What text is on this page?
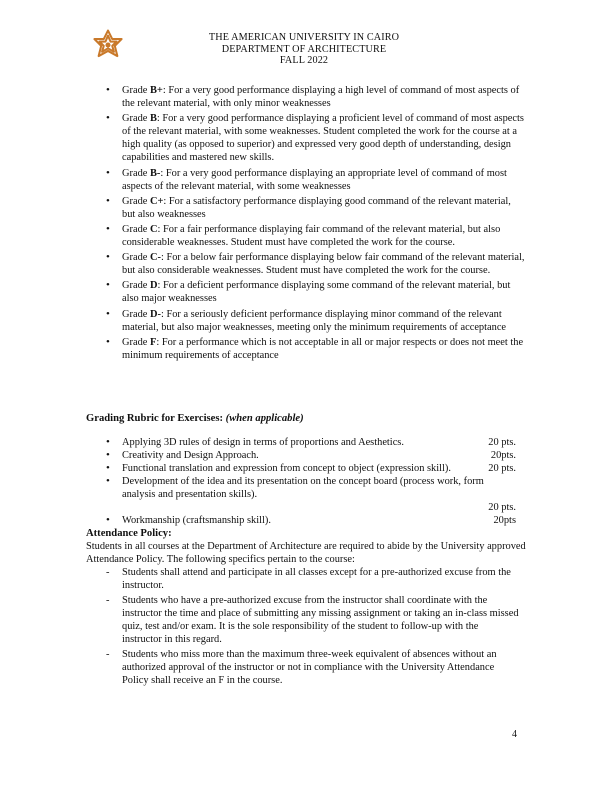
THE AMERICAN UNIVERSITY IN CAIRO
DEPARTMENT OF ARCHITECTURE
FALL 2022
• Grade B+: For a very good performance displaying a high level of command of most aspects of the relevant material, with only minor weaknesses
• Grade B: For a very good performance displaying a proficient level of command of most aspects of the relevant material, with some weaknesses. Student completed the work for the course at a high quality (as opposed to superior) and expressed very good depth of understanding, design capabilities and mastered new skills.
• Grade B-: For a very good performance displaying an appropriate level of command of most aspects of the relevant material, with some weaknesses
• Grade C+: For a satisfactory performance displaying good command of the relevant material, but also weaknesses
• Grade C: For a fair performance displaying fair command of the relevant material, but also considerable weaknesses. Student must have completed the work for the course.
• Grade C-: For a below fair performance displaying below fair command of the relevant material, but also considerable weaknesses. Student must have completed the work for the course.
• Grade D: For a deficient performance displaying some command of the relevant material, but also major weaknesses
• Grade D-: For a seriously deficient performance displaying minor command of the relevant material, but also major weaknesses, meeting only the minimum requirements of acceptance
• Grade F: For a performance which is not acceptable in all or major respects or does not meet the minimum requirements of acceptance
Grading Rubric for Exercises: (when applicable)
• Applying 3D rules of design in terms of proportions and Aesthetics.	20 pts.
• Creativity and Design Approach.	20pts.
• Functional translation and expression from concept to object (expression skill).	20 pts.
• Development of the idea and its presentation on the concept board (process work, form analysis and presentation skills).
20 pts.
• Workmanship (craftsmanship skill).	20pts
Attendance Policy:
Students in all courses at the Department of Architecture are required to abide by the University approved Attendance Policy. The following specifics pertain to the course:
- Students shall attend and participate in all classes except for a pre-authorized excuse from the instructor.
- Students who have a pre-authorized excuse from the instructor shall coordinate with the instructor the time and place of submitting any missing assignment or taking an in-class missed quiz, test and/or exam. It is the sole responsibility of the student to follow-up with the instructor in this regard.
- Students who miss more than the maximum three-week equivalent of absences without an authorized approval of the instructor or not in compliance with the University Attendance Policy shall receive an F in the course.
4
